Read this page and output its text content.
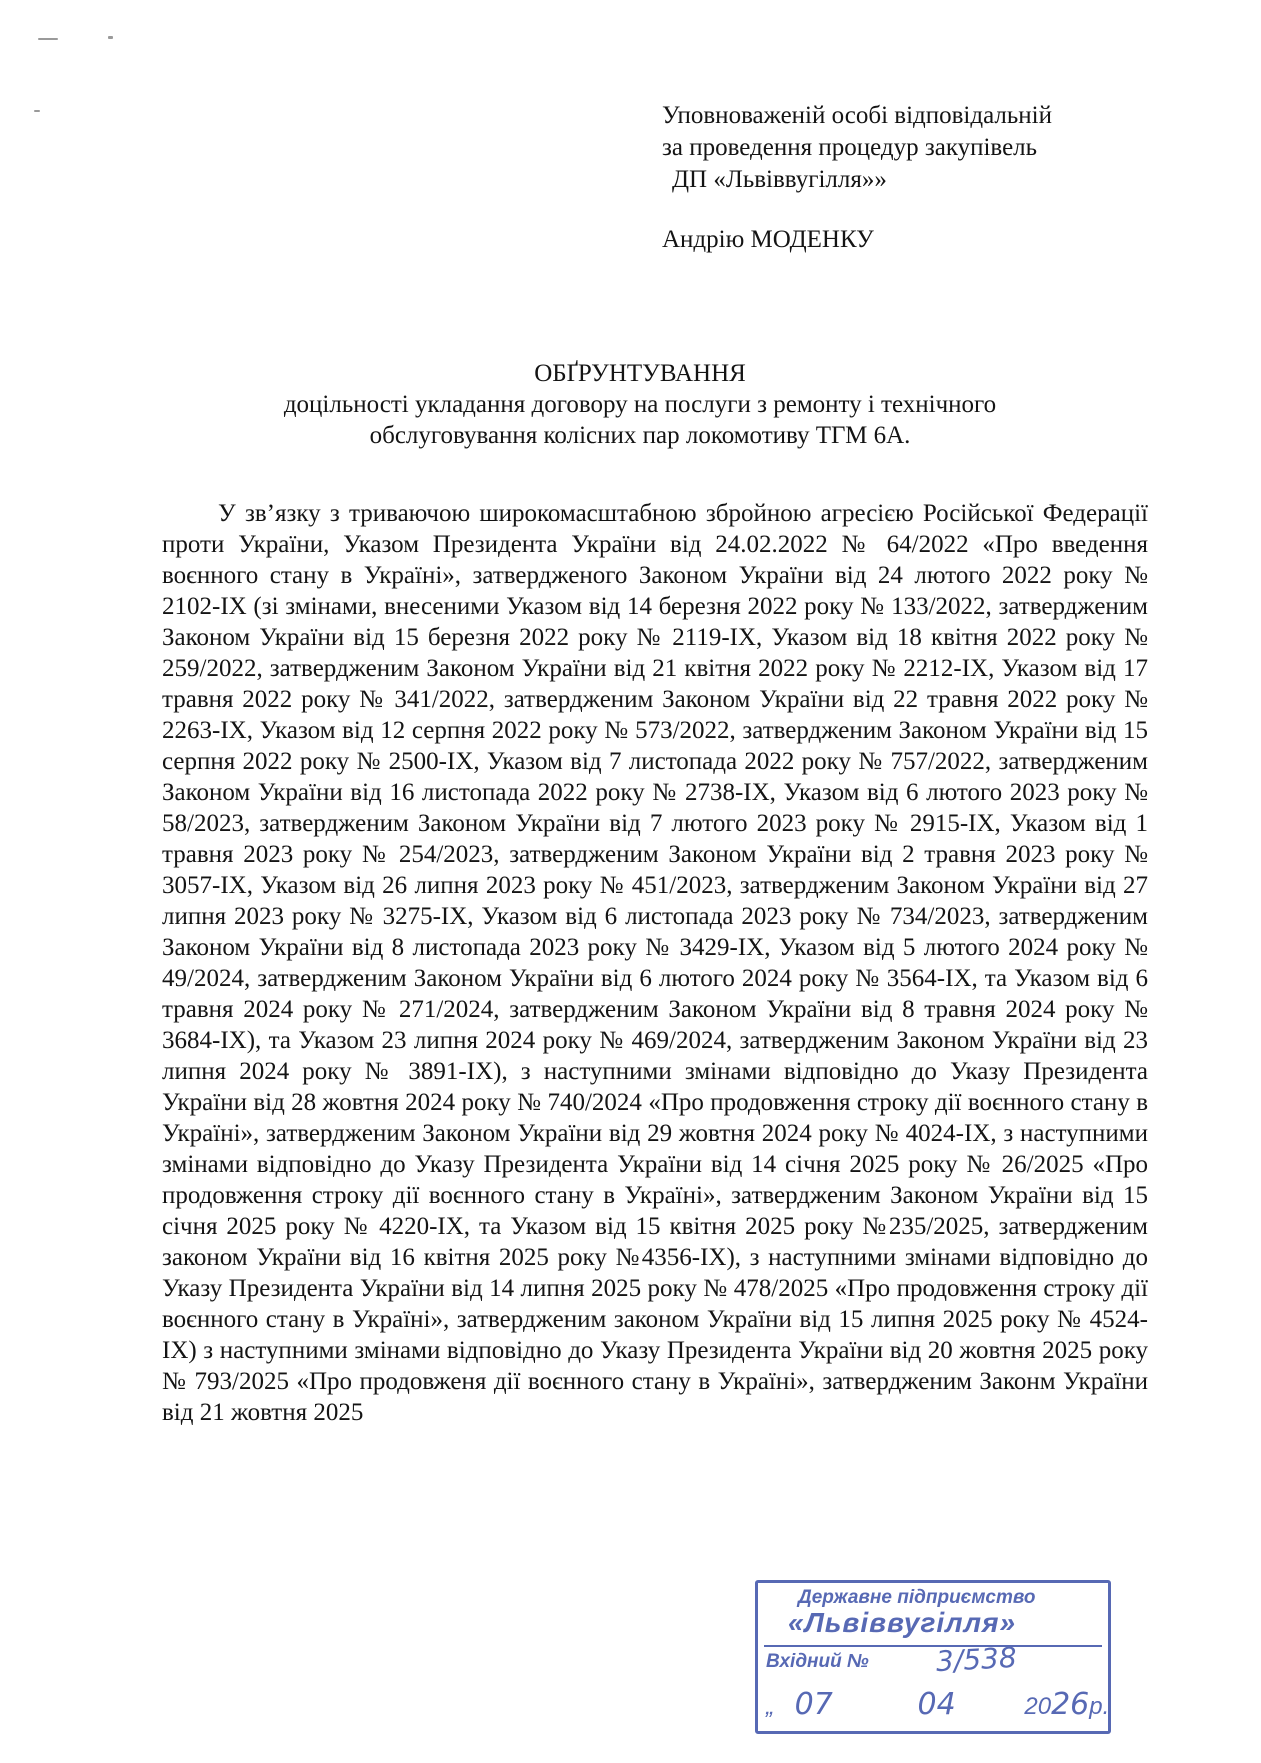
Уповноваженій особі відповідальній
за проведення процедур закупівель
ДП «Львіввугілля»»
Андрію МОДЕНКУ
ОБҐРУНТУВАННЯ
доцільності укладання договору на послуги з ремонту і технічного
обслуговування колісних пар локомотиву ТГМ 6А.

У зв’язку з триваючою широкомасштабною збройною агресією Російської Федерації проти України, Указом Президента України від 24.02.2022 № 64/2022 «Про введення воєнного стану в Україні», затвердженого Законом України від 24 лютого 2022 року № 2102-IX (зі змінами, внесеними Указом від 14 березня 2022 року № 133/2022, затвердженим Законом України від 15 березня 2022 року № 2119-IX, Указом від 18 квітня 2022 року № 259/2022, затвердженим Законом України від 21 квітня 2022 року № 2212-IX, Указом від 17 травня 2022 року № 341/2022, затвердженим Законом України від 22 травня 2022 року № 2263-IX, Указом від 12 серпня 2022 року № 573/2022, затвердженим Законом України від 15 серпня 2022 року № 2500-IX, Указом від 7 листопада 2022 року № 757/2022, затвердженим Законом України від 16 листопада 2022 року № 2738-IX, Указом від 6 лютого 2023 року № 58/2023, затвердженим Законом України від 7 лютого 2023 року № 2915-IX, Указом від 1 травня 2023 року № 254/2023, затвердженим Законом України від 2 травня 2023 року № 3057-IX, Указом від 26 липня 2023 року № 451/2023, затвердженим Законом України від 27 липня 2023 року № 3275-IX, Указом від 6 листопада 2023 року № 734/2023, затвердженим Законом України від 8 листопада 2023 року № 3429-IX, Указом від 5 лютого 2024 року № 49/2024, затвердженим Законом України від 6 лютого 2024 року № 3564-IX, та Указом від 6 травня 2024 року № 271/2024, затвердженим Законом України від 8 травня 2024 року № 3684-IX), та Указом 23 липня 2024 року № 469/2024, затвердженим Законом України від 23 липня 2024 року № 3891-IX), з наступними змінами відповідно до Указу Президента України від 28 жовтня 2024 року № 740/2024 «Про продовження строку дії воєнного стану в Україні», затвердженим Законом України від 29 жовтня 2024 року № 4024-IX, з наступними змінами відповідно до Указу Президента України від 14 січня 2025 року № 26/2025 «Про продовження строку дії воєнного стану в Україні», затвердженим Законом України від 15 січня 2025 року № 4220-IX, та Указом від 15 квітня 2025 року №235/2025, затвердженим законом України від 16 квітня 2025 року №4356-IX), з наступними змінами відповідно до Указу Президента України від 14 липня 2025 року № 478/2025 «Про продовження строку дії воєнного стану в Україні», затвердженим законом України від 15 липня 2025 року № 4524-IX) з наступними змінами відповідно до Указу Президента України від 20 жовтня 2025 року № 793/2025 «Про продовженя дії воєнного стану в Україні», затвердженим Законм України від 21 жовтня 2025

Державне підприємство
«Львіввугілля»
Вхідний № 3/538
„ 07	04	2026р.
